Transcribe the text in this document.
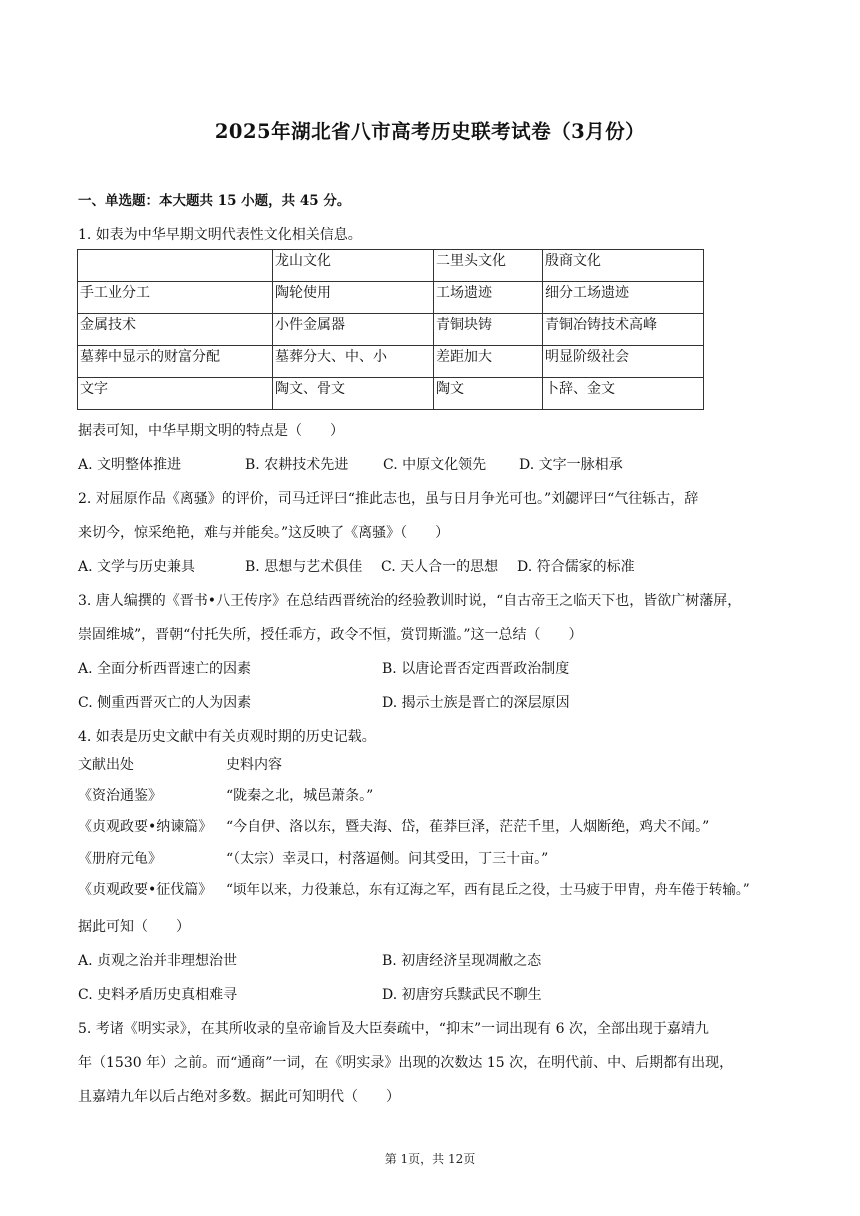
2025年湖北省八市高考历史联考试卷（3月份）
一、单选题：本大题共 15 小题，共 45 分。
1. 如表为中华早期文明代表性文化相关信息。
	龙山文化	二里头文化	殷商文化
手工业分工	陶轮使用	工场遗迹	细分工场遗迹
金属技术	小件金属器	青铜块铸	青铜冶铸技术高峰
墓葬中显示的财富分配	墓葬分大、中、小	差距加大	明显阶级社会
文字	陶文、骨文	陶文	卜辞、金文
据表可知，中华早期文明的特点是（　　）
A. 文明整体推进	B. 农耕技术先进 C. 中原文化领先 D. 文字一脉相承
2. 对屈原作品《离骚》的评价，司马迁评曰“推此志也，虽与日月争光可也。”刘勰评曰“气往轹古，辞
来切今，惊采绝艳，难与并能矣。”这反映了《离骚》（　　）
A. 文学与历史兼具	B. 思想与艺术俱佳 C. 天人合一的思想 D. 符合儒家的标准
3. 唐人编撰的《晋书•八王传序》在总结西晋统治的经验教训时说，“自古帝王之临天下也，皆欲广树藩屏，
崇固维城”，晋朝“付托失所，授任乖方，政令不恒，赏罚斯滥。”这一总结（　　）
A. 全面分析西晋速亡的因素	B. 以唐论晋否定西晋政治制度
C. 侧重西晋灭亡的人为因素	D. 揭示士族是晋亡的深层原因
4. 如表是历史文献中有关贞观时期的历史记载。
文献出处	史料内容
《资治通鉴》	“陇秦之北，城邑萧条。”
《贞观政要•纳谏篇》 “今自伊、洛以东，暨夫海、岱，萑莽巨泽，茫茫千里，人烟断绝，鸡犬不闻。”
《册府元龟》	“（太宗）幸灵口，村落逼侧。问其受田，丁三十亩。”
《贞观政要•征伐篇》 “顷年以来，力役兼总，东有辽海之军，西有昆丘之役，士马疲于甲胄，舟车倦于转输。”
据此可知（　　）
A. 贞观之治并非理想治世	B. 初唐经济呈现凋敝之态
C. 史料矛盾历史真相难寻	D. 初唐穷兵黩武民不聊生
5. 考诸《明实录》，在其所收录的皇帝谕旨及大臣奏疏中，“抑末”一词出现有 6 次，全部出现于嘉靖九
年（1530 年）之前。而“通商”一词，在《明实录》出现的次数达 15 次，在明代前、中、后期都有出现，
且嘉靖九年以后占绝对多数。据此可知明代（　　）
第 1页，共 12页
